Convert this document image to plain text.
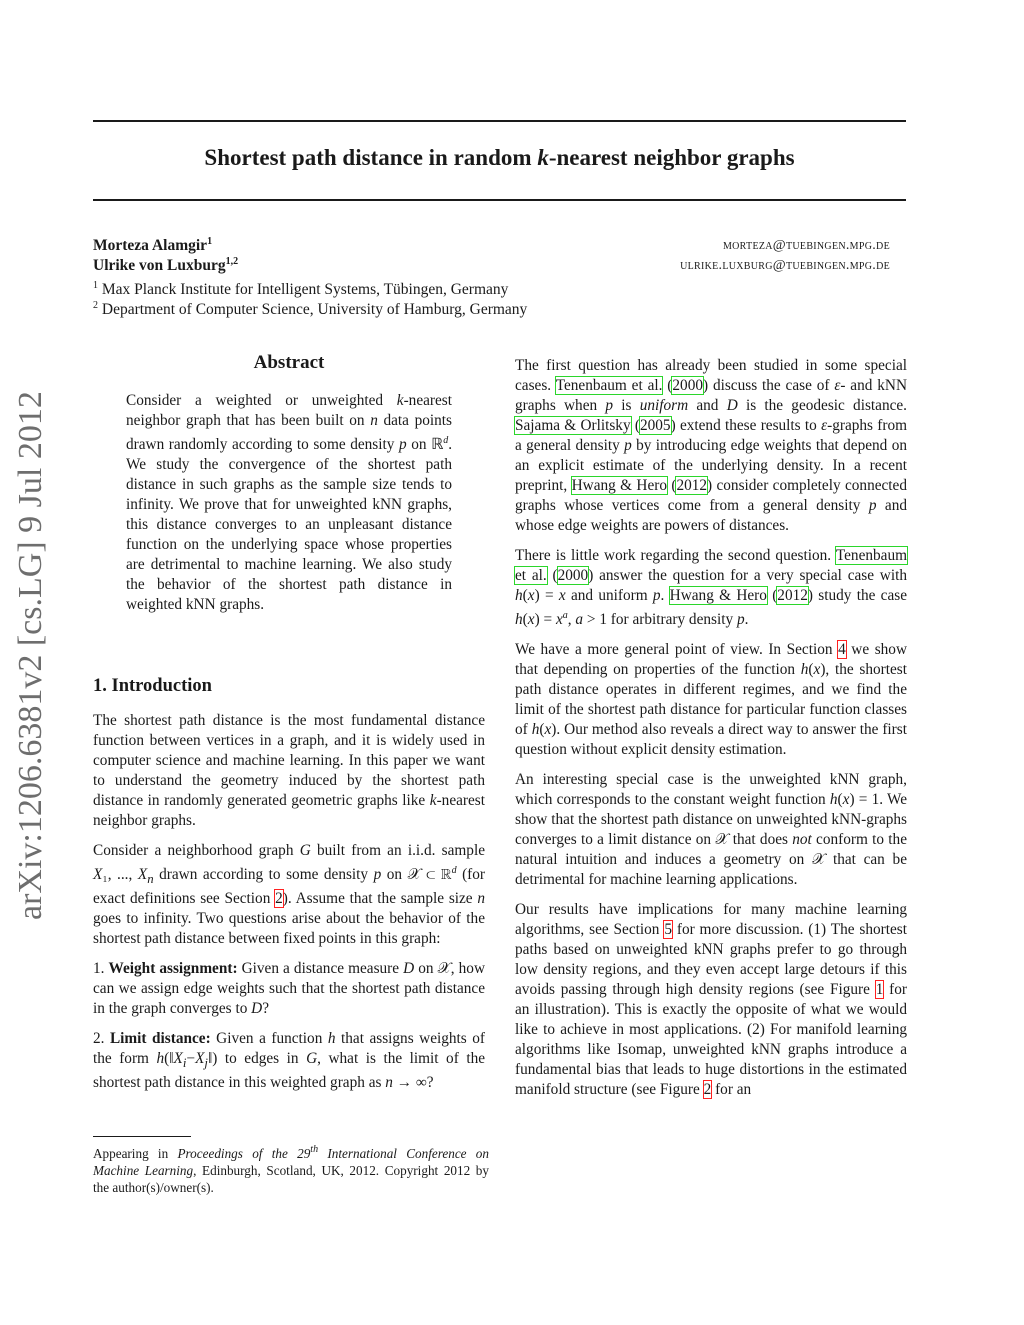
Shortest path distance in random k-nearest neighbor graphs
Morteza Alamgir$^1$	morteza@tuebingen.mpg.de
Ulrike von Luxburg$^{1,2}$	ulrike.luxburg@tuebingen.mpg.de
$^1$ Max Planck Institute for Intelligent Systems, Tübingen, Germany
$^2$ Department of Computer Science, University of Hamburg, Germany
arXiv:1206.6381v2 [cs.LG] 9 Jul 2012
Abstract

Consider a weighted or unweighted k-nearest neighbor graph that has been built on n data points drawn randomly according to some density p on ℝ$^d$. We study the convergence of the shortest path distance in such graphs as the sample size tends to infinity. We prove that for unweighted kNN graphs, this distance converges to an unpleasant distance function on the underlying space whose properties are detrimental to machine learning. We also study the behavior of the shortest path distance in weighted kNN graphs.

1. Introduction

The shortest path distance is the most fundamental distance function between vertices in a graph, and it is widely used in computer science and machine learning. In this paper we want to understand the geometry induced by the shortest path distance in randomly generated geometric graphs like k-nearest neighbor graphs.

Consider a neighborhood graph G built from an i.i.d. sample X₁, ..., $X_n$ drawn according to some density p on 𝒳 ⊂ ℝ$^d$ (for exact definitions see Section 2). Assume that the sample size n goes to infinity. Two questions arise about the behavior of the shortest path distance between fixed points in this graph:

1. Weight assignment: Given a distance measure D on 𝒳, how can we assign edge weights such that the shortest path distance in the graph converges to D?

2. Limit distance: Given a function h that assigns weights of the form $h(‖X_i-X_j‖)$ to edges in G, what is the limit of the shortest path distance in this weighted graph as n → ∞?

Appearing in Proceedings of the 29th International Conference on Machine Learning, Edinburgh, Scotland, UK, 2012. Copyright 2012 by the author(s)/owner(s).

The first question has already been studied in some special cases. Tenenbaum et al. (2000) discuss the case of ε- and kNN graphs when p is uniform and D is the geodesic distance. Sajama & Orlitsky (2005) extend these results to ε-graphs from a general density p by introducing edge weights that depend on an explicit estimate of the underlying density. In a recent preprint, Hwang & Hero (2012) consider completely connected graphs whose vertices come from a general density p and whose edge weights are powers of distances.

There is little work regarding the second question. Tenenbaum et al. (2000) answer the question for a very special case with h(x) = x and uniform p. Hwang & Hero (2012) study the case $h(x) = x^a$, a > 1 for arbitrary density p.

We have a more general point of view. In Section 4 we show that depending on properties of the function h(x), the shortest path distance operates in different regimes, and we find the limit of the shortest path distance for particular function classes of h(x). Our method also reveals a direct way to answer the first question without explicit density estimation.

An interesting special case is the unweighted kNN graph, which corresponds to the constant weight function h(x) = 1. We show that the shortest path distance on unweighted kNN-graphs converges to a limit distance on 𝒳 that does not conform to the natural intuition and induces a geometry on 𝒳 that can be detrimental for machine learning applications.

Our results have implications for many machine learning algorithms, see Section 5 for more discussion. (1) The shortest paths based on unweighted kNN graphs prefer to go through low density regions, and they even accept large detours if this avoids passing through high density regions (see Figure 1 for an illustration). This is exactly the opposite of what we would like to achieve in most applications. (2) For manifold learning algorithms like Isomap, unweighted kNN graphs introduce a fundamental bias that leads to huge distortions in the estimated manifold structure (see Figure 2 for an
